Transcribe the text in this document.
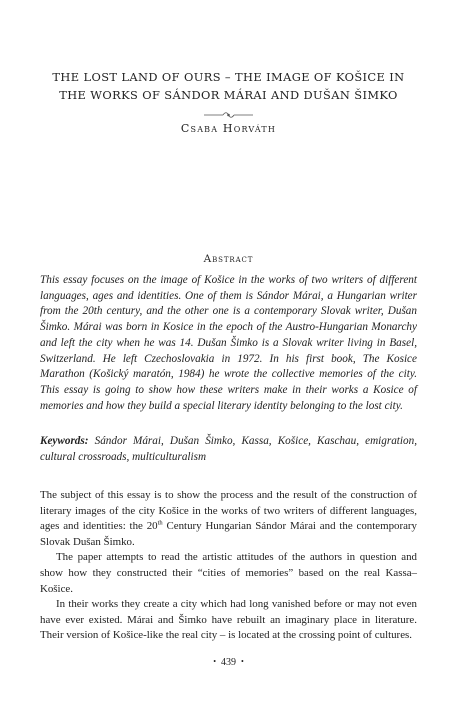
THE LOST LAND OF OURS – THE IMAGE OF KOŠICE IN
THE WORKS OF SÁNDOR MÁRAI AND DUŠAN ŠIMKO
Csaba Horváth
Abstract

This essay focuses on the image of Košice in the works of two writers of different languages, ages and identities. One of them is Sándor Márai, a Hungarian writer from the 20th century, and the other one is a contemporary Slovak writer, Dušan Šimko. Márai was born in Kosice in the epoch of the Austro-Hungarian Monarchy and left the city when he was 14. Dušan Šimko is a Slovak writer living in Basel, Switzerland. He left Czechoslovakia in 1972. In his first book, The Kosice Marathon (Košický maratón, 1984) he wrote the collective memories of the city. This essay is going to show how these writers make in their works a Kosice of memories and how they build a special literary identity belonging to the lost city.

Keywords: Sándor Márai, Dušan Šimko, Kassa, Košice, Kaschau, emigration, cultural crossroads, multiculturalism

The subject of this essay is to show the process and the result of the construction of literary images of the city Košice in the works of two writers of different languages, ages and identities: the 20th Century Hungarian Sándor Márai and the contemporary Slovak Dušan Šimko.

The paper attempts to read the artistic attitudes of the authors in question and show how they constructed their “cities of memories” based on the real Kassa–Košice.

In their works they create a city which had long vanished before or may not even have ever existed. Márai and Šimko have rebuilt an imaginary place in literature. Their version of Košice-like the real city – is located at the crossing point of cultures.

• 439 •
